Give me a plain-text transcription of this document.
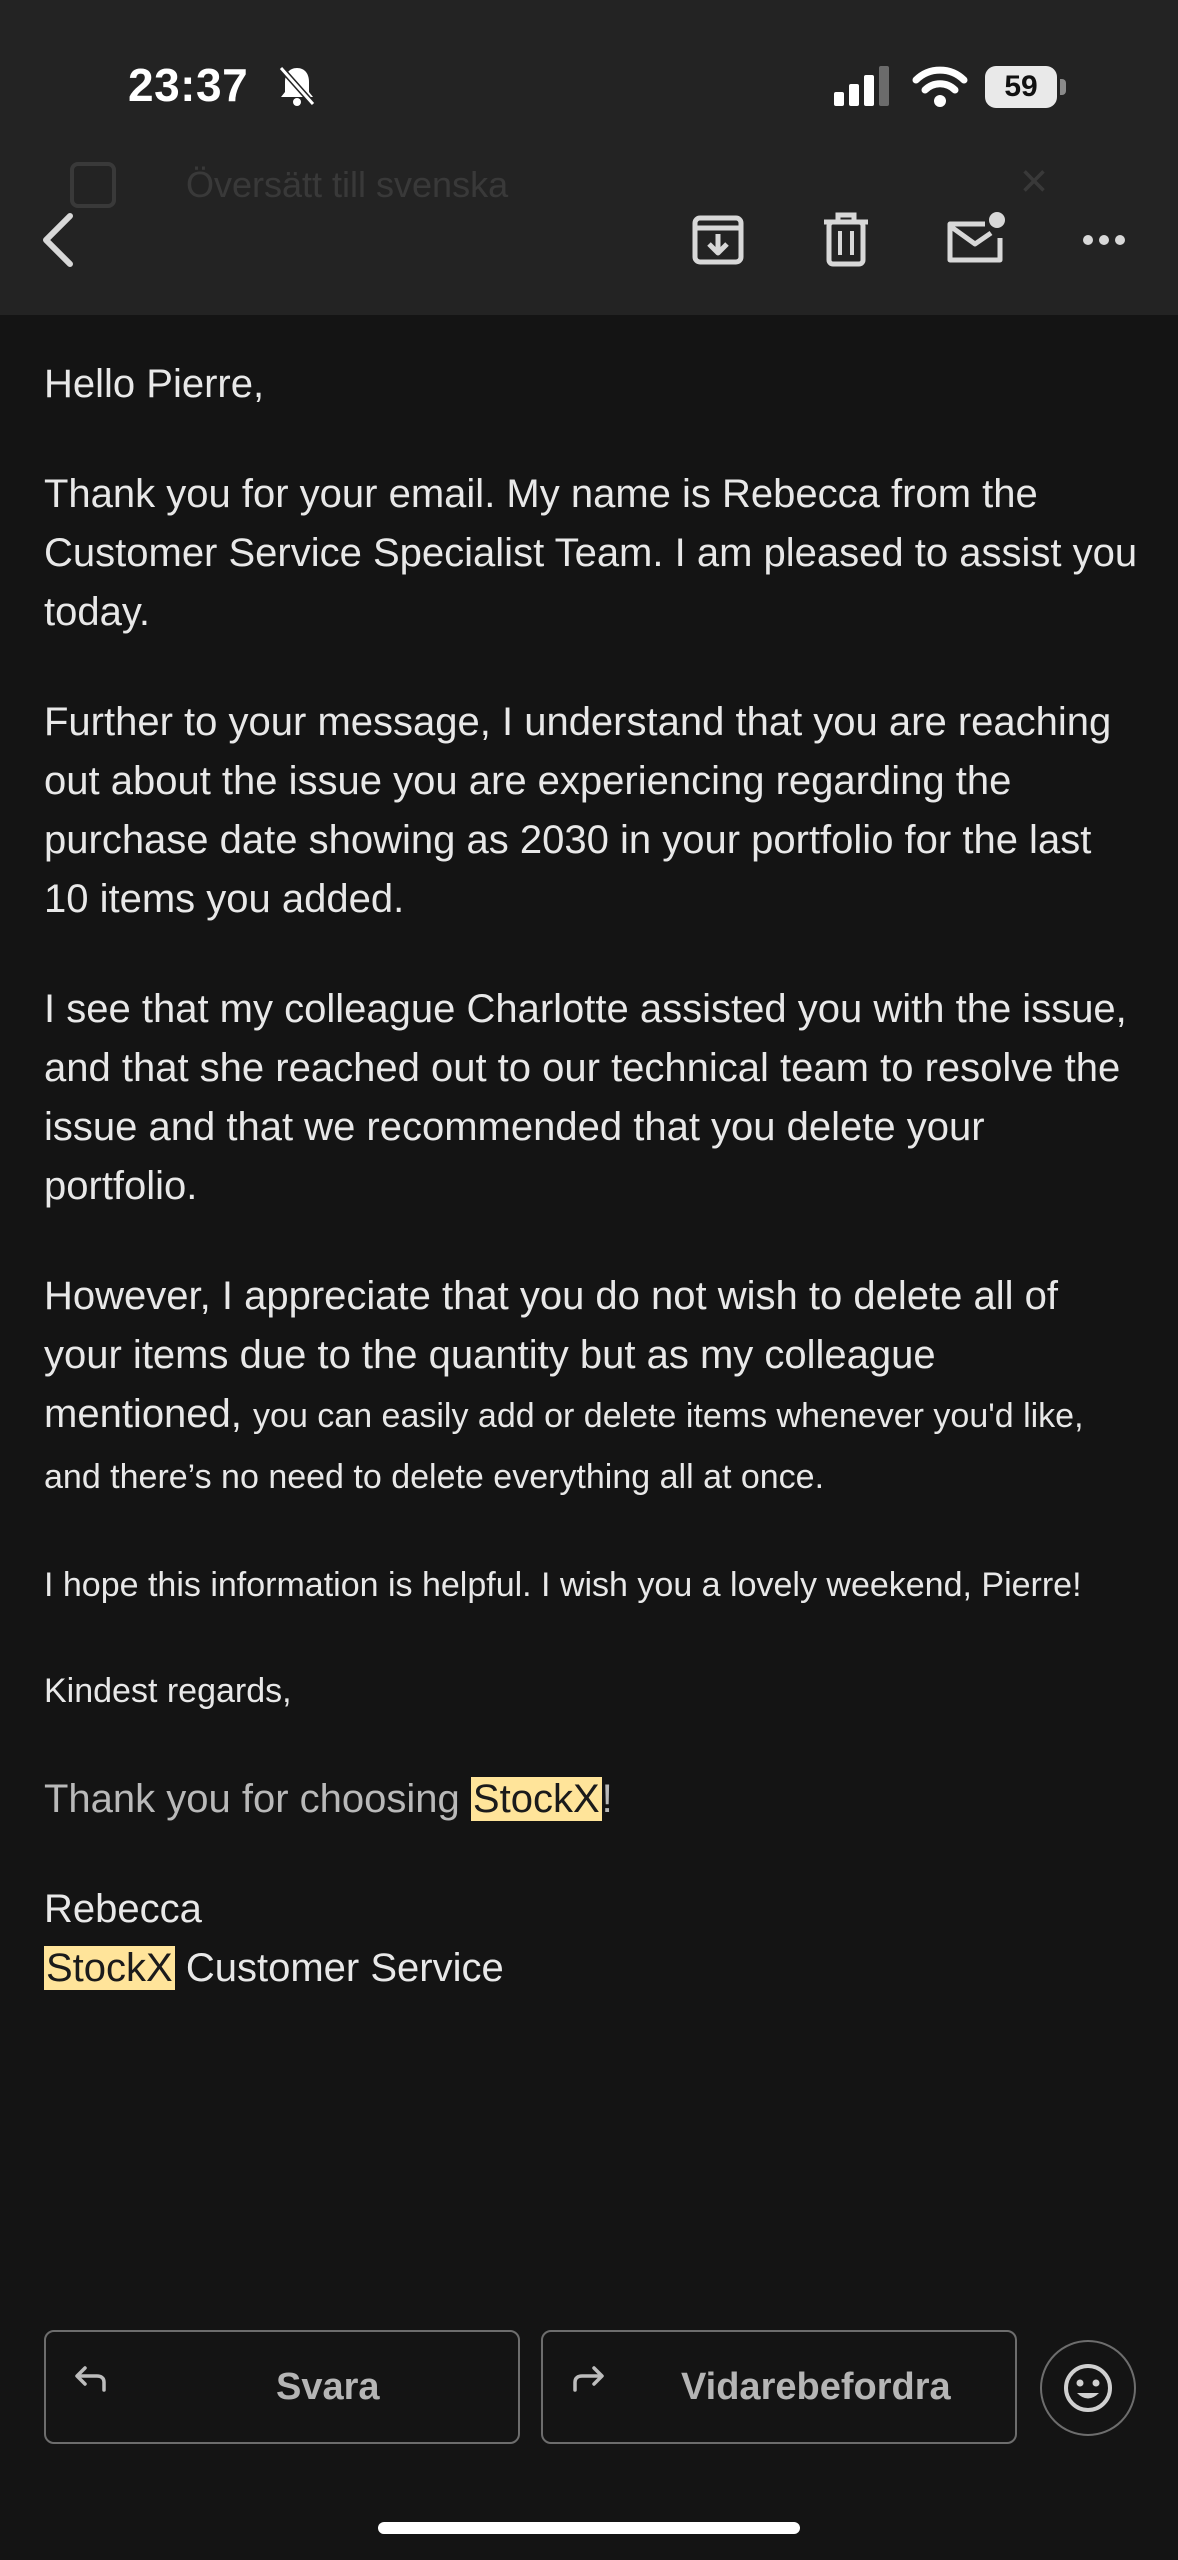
23:37	59
Översätt till svenska	×

Hello Pierre,

Thank you for your email. My name is Rebecca from the Customer Service Specialist Team. I am pleased to assist you today.

Further to your message, I understand that you are reaching out about the issue you are experiencing regarding the purchase date showing as 2030 in your portfolio for the last 10 items you added.

I see that my colleague Charlotte assisted you with the issue, and that she reached out to our technical team to resolve the issue and that we recommended that you delete your portfolio.

However, I appreciate that you do not wish to delete all of your items due to the quantity but as my colleague mentioned, you can easily add or delete items whenever you'd like, and there’s no need to delete everything all at once.

I hope this information is helpful. I wish you a lovely weekend, Pierre!

Kindest regards,

Thank you for choosing StockX!

Rebecca

StockX Customer Service

Svara	Vidarebefordra
